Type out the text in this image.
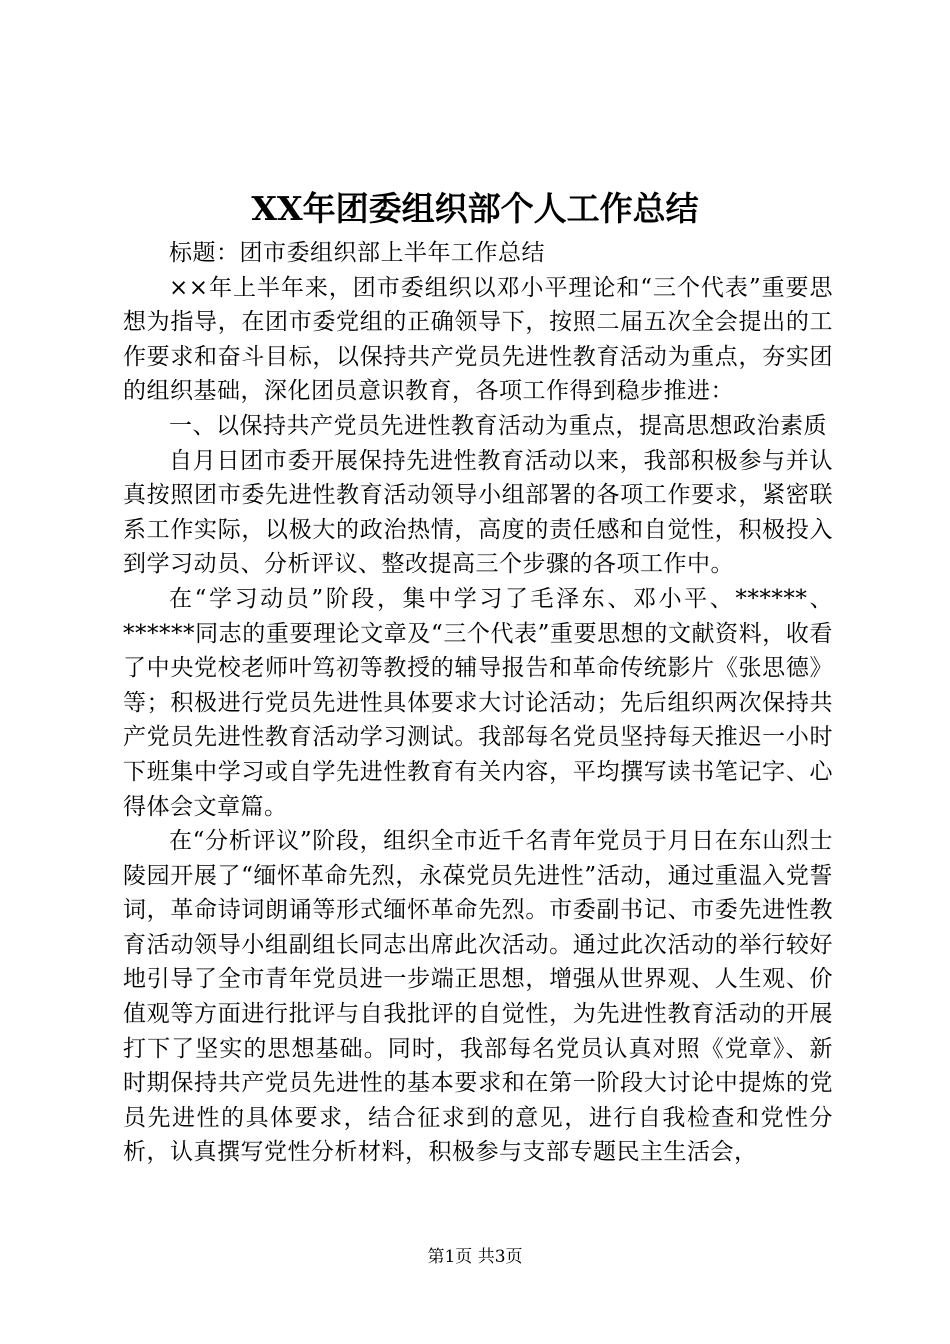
XX年团委组织部个人工作总结

标题：团市委组织部上半年工作总结

××年上半年来，团市委组织以邓小平理论和“三个代表”重要思想为指导，在团市委党组的正确领导下，按照二届五次全会提出的工作要求和奋斗目标，以保持共产党员先进性教育活动为重点，夯实团的组织基础，深化团员意识教育，各项工作得到稳步推进：

一、以保持共产党员先进性教育活动为重点，提高思想政治素质

自月日团市委开展保持先进性教育活动以来，我部积极参与并认真按照团市委先进性教育活动领导小组部署的各项工作要求，紧密联系工作实际，以极大的政治热情，高度的责任感和自觉性，积极投入到学习动员、分析评议、整改提高三个步骤的各项工作中。

在“学习动员”阶段，集中学习了毛泽东、邓小平、******、******同志的重要理论文章及“三个代表”重要思想的文献资料，收看了中央党校老师叶笃初等教授的辅导报告和革命传统影片《张思德》等；积极进行党员先进性具体要求大讨论活动；先后组织两次保持共产党员先进性教育活动学习测试。我部每名党员坚持每天推迟一小时下班集中学习或自学先进性教育有关内容，平均撰写读书笔记字、心得体会文章篇。

在“分析评议”阶段，组织全市近千名青年党员于月日在东山烈士陵园开展了“缅怀革命先烈，永葆党员先进性”活动，通过重温入党誓词，革命诗词朗诵等形式缅怀革命先烈。市委副书记、市委先进性教育活动领导小组副组长同志出席此次活动。通过此次活动的举行较好地引导了全市青年党员进一步端正思想，增强从世界观、人生观、价值观等方面进行批评与自我批评的自觉性，为先进性教育活动的开展打下了坚实的思想基础。同时，我部每名党员认真对照《党章》、新时期保持共产党员先进性的基本要求和在第一阶段大讨论中提炼的党员先进性的具体要求，结合征求到的意见，进行自我检查和党性分析，认真撰写党性分析材料，积极参与支部专题民主生活会，

第1页 共3页
